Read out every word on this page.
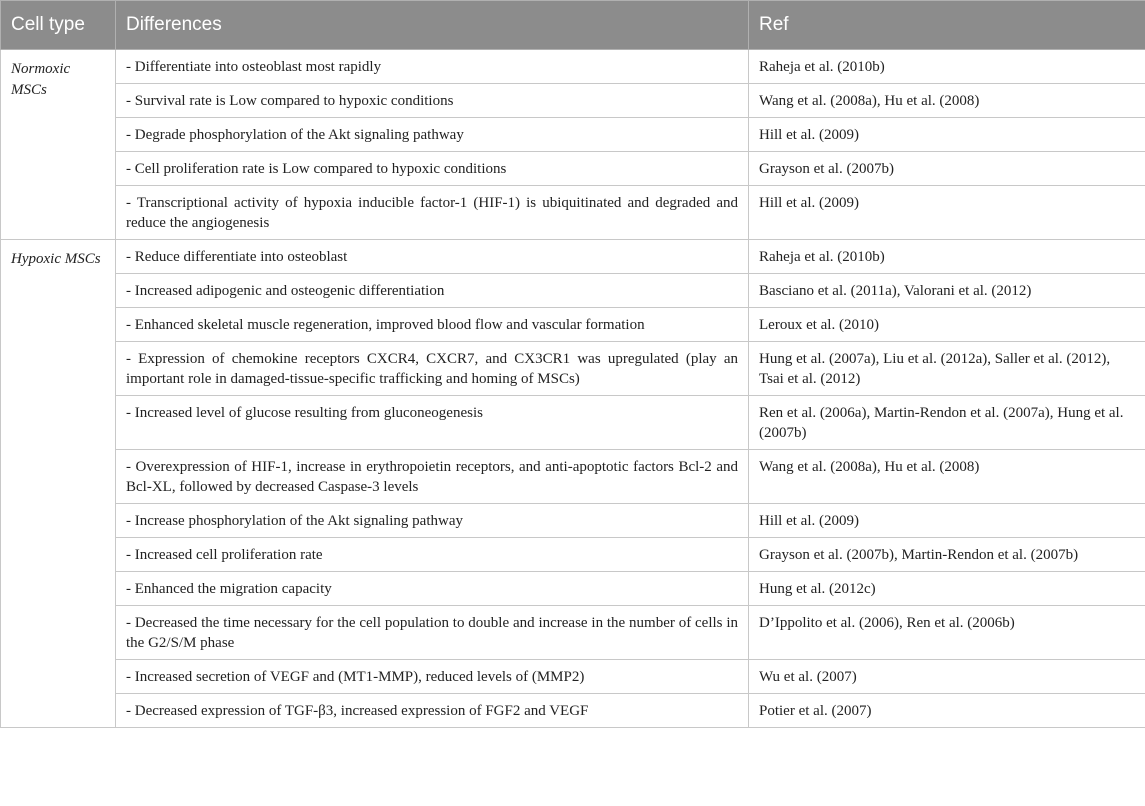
Cell type	Differences	Ref
Normoxic MSCs	- Differentiate into osteoblast most rapidly	Raheja et al. (2010b)
	- Survival rate is Low compared to hypoxic conditions	Wang et al. (2008a), Hu et al. (2008)
	- Degrade phosphorylation of the Akt signaling pathway	Hill et al. (2009)
	- Cell proliferation rate is Low compared to hypoxic conditions	Grayson et al. (2007b)
	- Transcriptional activity of hypoxia inducible factor-1 (HIF-1) is ubiquitinated and degraded and reduce the angiogenesis	Hill et al. (2009)
Hypoxic MSCs	- Reduce differentiate into osteoblast	Raheja et al. (2010b)
	- Increased adipogenic and osteogenic differentiation	Basciano et al. (2011a), Valorani et al. (2012)
	- Enhanced skeletal muscle regeneration, improved blood flow and vascular formation	Leroux et al. (2010)
	- Expression of chemokine receptors CXCR4, CXCR7, and CX3CR1 was upregulated (play an important role in damaged-tissue-specific trafficking and homing of MSCs)	Hung et al. (2007a), Liu et al. (2012a), Saller et al. (2012), Tsai et al. (2012)
	- Increased level of glucose resulting from gluconeogenesis	Ren et al. (2006a), Martin-Rendon et al. (2007a), Hung et al. (2007b)
	- Overexpression of HIF-1, increase in erythropoietin receptors, and anti-apoptotic factors Bcl-2 and Bcl-XL, followed by decreased Caspase-3 levels	Wang et al. (2008a), Hu et al. (2008)
	- Increase phosphorylation of the Akt signaling pathway	Hill et al. (2009)
	- Increased cell proliferation rate	Grayson et al. (2007b), Martin-Rendon et al. (2007b)
	- Enhanced the migration capacity	Hung et al. (2012c)
	- Decreased the time necessary for the cell population to double and increase in the number of cells in the G2/S/M phase	D’Ippolito et al. (2006), Ren et al. (2006b)
	- Increased secretion of VEGF and (MT1-MMP), reduced levels of (MMP2)	Wu et al. (2007)
	- Decreased expression of TGF-β3, increased expression of FGF2 and VEGF	Potier et al. (2007)
